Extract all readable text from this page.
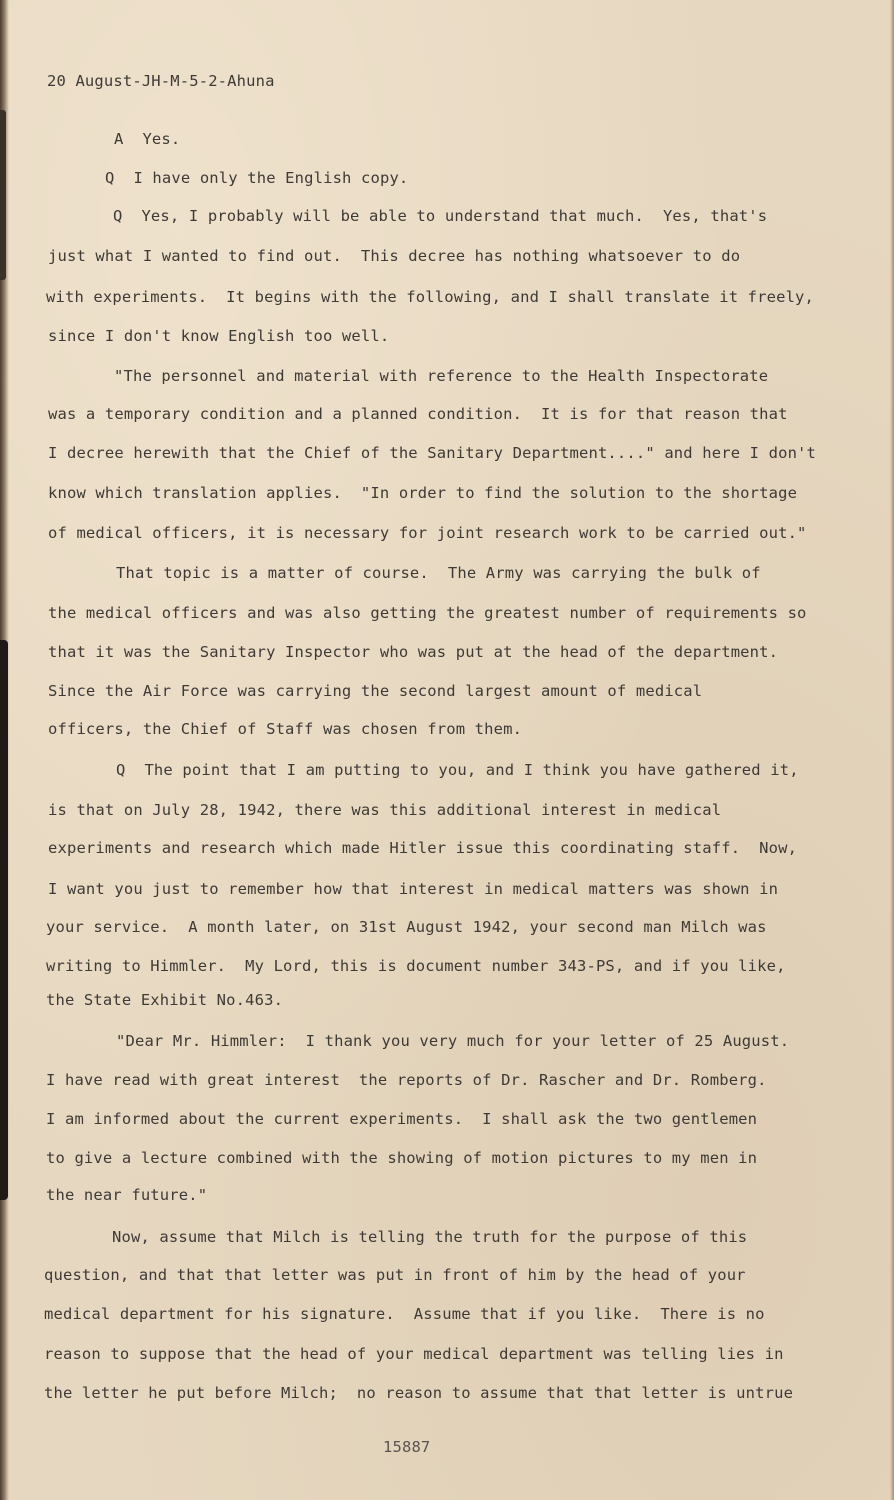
20 August-JH-M-5-2-Ahuna
A  Yes.
Q  I have only the English copy.
Q  Yes, I probably will be able to understand that much.  Yes, that's
just what I wanted to find out.  This decree has nothing whatsoever to do
with experiments.  It begins with the following, and I shall translate it freely,
since I don't know English too well.
"The personnel and material with reference to the Health Inspectorate
was a temporary condition and a planned condition.  It is for that reason that
I decree herewith that the Chief of the Sanitary Department...." and here I don't
know which translation applies.  "In order to find the solution to the shortage
of medical officers, it is necessary for joint research work to be carried out."
That topic is a matter of course.  The Army was carrying the bulk of
the medical officers and was also getting the greatest number of requirements so
that it was the Sanitary Inspector who was put at the head of the department.
Since the Air Force was carrying the second largest amount of medical
officers, the Chief of Staff was chosen from them.
Q  The point that I am putting to you, and I think you have gathered it,
is that on July 28, 1942, there was this additional interest in medical
experiments and research which made Hitler issue this coordinating staff.  Now,
I want you just to remember how that interest in medical matters was shown in
your service.  A month later, on 31st August 1942, your second man Milch was
writing to Himmler.  My Lord, this is document number 343-PS, and if you like,
the State Exhibit No.463.
"Dear Mr. Himmler:  I thank you very much for your letter of 25 August.
I have read with great interest  the reports of Dr. Rascher and Dr. Romberg.
I am informed about the current experiments.  I shall ask the two gentlemen
to give a lecture combined with the showing of motion pictures to my men in
the near future."
Now, assume that Milch is telling the truth for the purpose of this
question, and that that letter was put in front of him by the head of your
medical department for his signature.  Assume that if you like.  There is no
reason to suppose that the head of your medical department was telling lies in
the letter he put before Milch;  no reason to assume that that letter is untrue
15887
